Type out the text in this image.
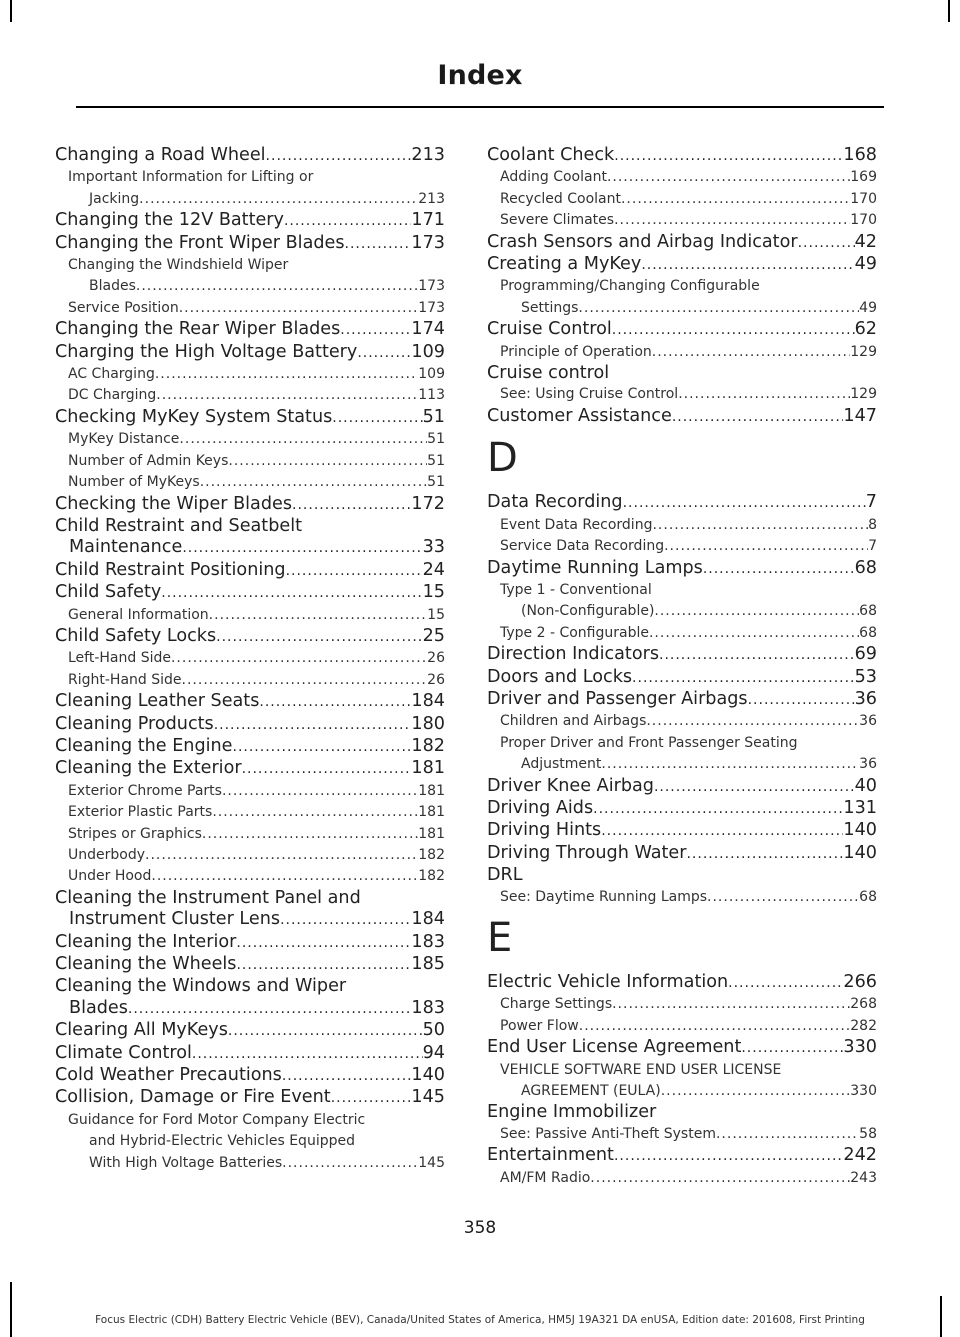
Index
Changing a Road Wheel .....	213
Important Information for Lifting or
Jacking .....	213
Changing the 12V Battery .....	171
Changing the Front Wiper Blades .....	173
Changing the Windshield Wiper
Blades .....	173
Service Position .....	173
Changing the Rear Wiper Blades .....	174
Charging the High Voltage Battery .....	109
AC Charging .....	109
DC Charging .....	113
Checking MyKey System Status .....	51
MyKey Distance .....	51
Number of Admin Keys .....	51
Number of MyKeys .....	51
Checking the Wiper Blades .....	172
Child Restraint and Seatbelt
Maintenance .....	33
Child Restraint Positioning .....	24
Child Safety .....	15
General Information .....	15
Child Safety Locks .....	25
Left-Hand Side .....	26
Right-Hand Side .....	26
Cleaning Leather Seats .....	184
Cleaning Products .....	180
Cleaning the Engine .....	182
Cleaning the Exterior .....	181
Exterior Chrome Parts .....	181
Exterior Plastic Parts .....	181
Stripes or Graphics .....	181
Underbody .....	182
Under Hood .....	182
Cleaning the Instrument Panel and
Instrument Cluster Lens .....	184
Cleaning the Interior .....	183
Cleaning the Wheels .....	185
Cleaning the Windows and Wiper
Blades .....	183
Clearing All MyKeys .....	50
Climate Control .....	94
Cold Weather Precautions .....	140
Collision, Damage or Fire Event .....	145
Guidance for Ford Motor Company Electric
and Hybrid-Electric Vehicles Equipped
With High Voltage Batteries .....	145
Coolant Check .....	168
Adding Coolant .....	169
Recycled Coolant .....	170
Severe Climates .....	170
Crash Sensors and Airbag Indicator .....	42
Creating a MyKey .....	49
Programming/Changing Configurable
Settings .....	49
Cruise Control .....	62
Principle of Operation .....	129
Cruise control
See: Using Cruise Control .....	129
Customer Assistance .....	147
D
Data Recording .....	7
Event Data Recording .....	8
Service Data Recording .....	7
Daytime Running Lamps .....	68
Type 1 - Conventional
(Non-Configurable) .....	68
Type 2 - Configurable .....	68
Direction Indicators .....	69
Doors and Locks .....	53
Driver and Passenger Airbags .....	36
Children and Airbags .....	36
Proper Driver and Front Passenger Seating
Adjustment .....	36
Driver Knee Airbag .....	40
Driving Aids .....	131
Driving Hints .....	140
Driving Through Water .....	140
DRL
See: Daytime Running Lamps .....	68
E
Electric Vehicle Information .....	266
Charge Settings .....	268
Power Flow .....	282
End User License Agreement .....	330
VEHICLE SOFTWARE END USER LICENSE
AGREEMENT (EULA) .....	330
Engine Immobilizer
See: Passive Anti-Theft System .....	58
Entertainment .....	242
AM/FM Radio .....	243
358
Focus Electric (CDH) Battery Electric Vehicle (BEV), Canada/United States of America, HM5J 19A321 DA enUSA, Edition date: 201608, First Printing
